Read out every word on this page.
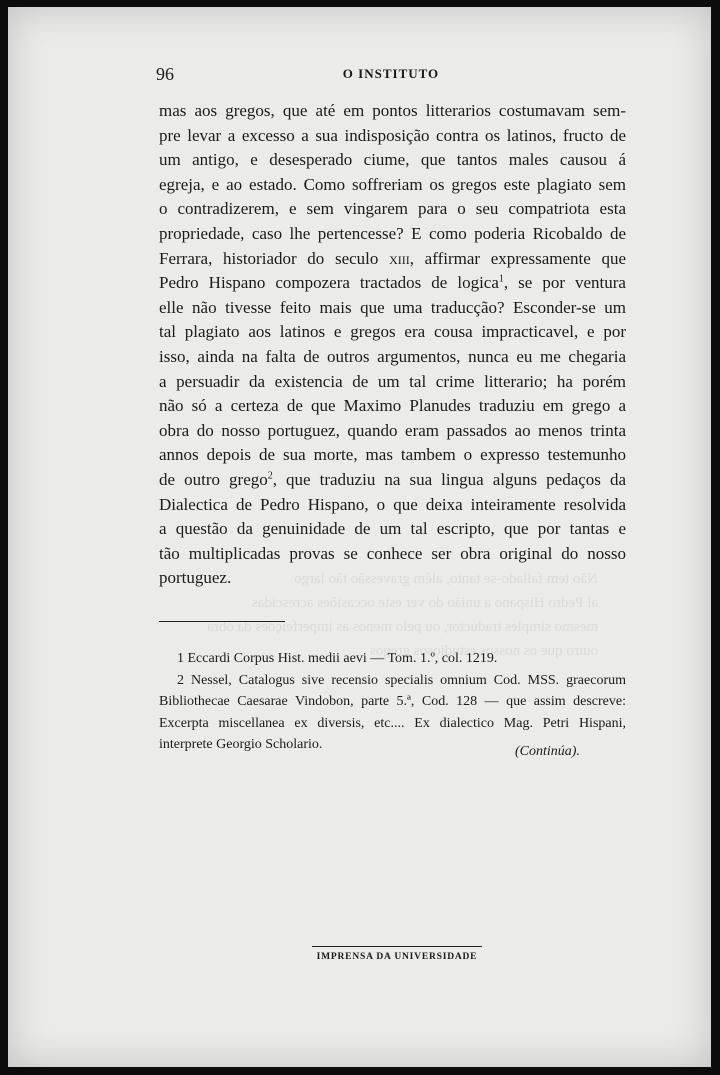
Não tem fallado-se tanto, além gravessão tão largo
al Pedro Hispano a união do ver este occasiões acrescidas
mesmo simples traductor, ou pelo menos as imperfeições da obra
outro que os nossos estudiosos gregos
96	O INSTITUTO
mas aos gregos, que até em pontos litterarios costumavam sem-
pre levar a excesso a sua indisposição contra os latinos, fructo de
um antigo, e desesperado ciume, que tantos males causou á
egreja, e ao estado. Como soffreriam os gregos este plagiato sem
o contradizerem, e sem vingarem para o seu compatriota esta
propriedade, caso lhe pertencesse? E como poderia Ricobaldo de
Ferrara, historiador do seculo xiii, affirmar expressamente que
Pedro Hispano compozera tractados de logica$^1$, se por ventura
elle não tivesse feito mais que uma traducção? Esconder-se um
tal plagiato aos latinos e gregos era cousa impracticavel, e por
isso, ainda na falta de outros argumentos, nunca eu me chegaria
a persuadir da existencia de um tal crime litterario; ha porém
não só a certeza de que Maximo Planudes traduziu em grego a
obra do nosso portuguez, quando eram passados ao menos trinta
annos depois de sua morte, mas tambem o expresso testemunho
de outro grego$^2$, que traduziu na sua lingua alguns pedaços da
Dialectica de Pedro Hispano, o que deixa inteiramente resolvida
a questão da genuinidade de um tal escripto, que por tantas e
tão multiplicadas provas se conhece ser obra original do nosso
portuguez.
1 Eccardi Corpus Hist. medii aevi — Tom. 1.º, col. 1219.
2 Nessel, Catalogus sive recensio specialis omnium Cod. MSS. graecorum
Bibliothecae Caesarae Vindobon, parte 5.ª, Cod. 128 — que assim descreve:
Excerpta miscellanea ex diversis, etc.... Ex dialectico Mag. Petri Hispani,
interprete Georgio Scholario.	(Continúa).
IMPRENSA DA UNIVERSIDADE
